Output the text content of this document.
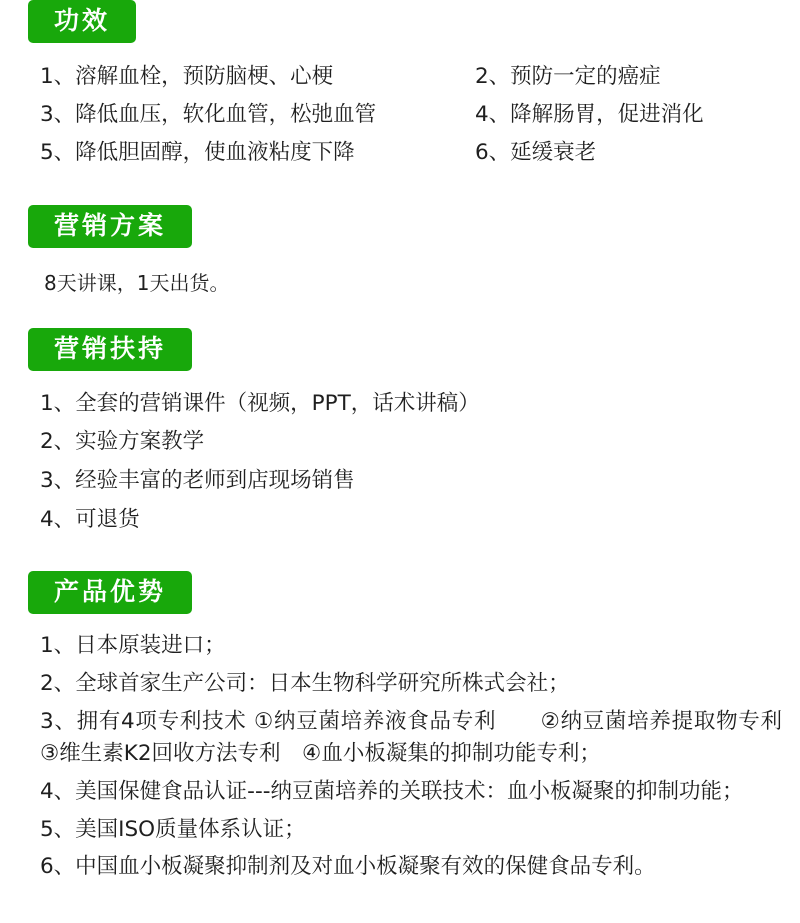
功效
1、溶解血栓，预防脑梗、心梗	2、预防一定的癌症
3、降低血压，软化血管，松弛血管	4、降解肠胃，促进消化
5、降低胆固醇，使血液粘度下降	6、延缓衰老
营销方案
8天讲课，1天出货。
营销扶持
1、全套的营销课件（视频，PPT，话术讲稿）
2、实验方案教学
3、经验丰富的老师到店现场销售
4、可退货
产品优势
1、日本原装进口；
2、全球首家生产公司：日本生物科学研究所株式会社；
3、拥有4项专利技术 ①纳豆菌培养液食品专利　　②纳豆菌培养提取物专利 ③维生素K2回收方法专利　④血小板凝集的抑制功能专利；
4、美国保健食品认证---纳豆菌培养的关联技术：血小板凝聚的抑制功能；
5、美国ISO质量体系认证；
6、中国血小板凝聚抑制剂及对血小板凝聚有效的保健食品专利。
